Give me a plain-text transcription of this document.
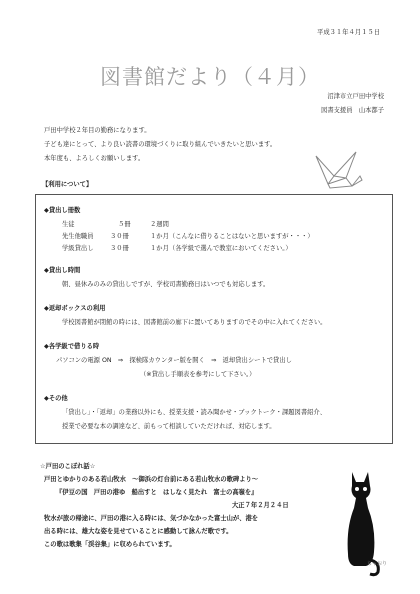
平成３１年４月１５日
図書館だより（４月）
沼津市立戸田中学校
図書支援員　山本都子
戸田中学校２年目の勤務になります。
子ども達にとって、より良い読書の環境づくりに取り組んでいきたいと思います。
本年度も、よろしくお願いします。
【利用について】
◆貸出し冊数
生徒	５冊	２週間
先生他職員	３０冊	１か月（こんなに借りることはないと思いますが・・・）
学級貸出し	３０冊	１か月（各学級で選んで教室においてください。）
◆貸出し時間
朝、昼休みのみの貸出しですが、学校司書勤務日はいつでも対応します。
◆返却ボックスの利用
学校図書館が閉館の時には、図書館前の廊下に置いてありますのでその中に入れてください。
◆各学級で借りる時
パソコンの電源 ON　⇒　探検隊カウンター版を開く　⇒　返却貸出シートで貸出し
（※貸出し手順表を参考にして下さい。）
◆その他
「貸出し」・「返却」の業務以外にも、授業支援・読み聞かせ・ブックトーク・課題図書紹介、
授業で必要な本の調達など、前もって相談していただければ、対応します。
☆戸田のこぼれ話☆
戸田とゆかりのある若山牧水　～御浜の灯台前にある若山牧水の歌碑より～
『伊豆の国　戸田の港ゆ　船出すと　はしなく見たれ　富士の高嶺を』
大正７年２月２４日
牧水が旅の帰途に、戸田の港に入る時には、気づかなかった富士山が、港を
出る時には、雄大な姿を見せていることに感動して詠んだ歌です。
この歌は歌集「渓谷集」に収められています。
ちゃおり
